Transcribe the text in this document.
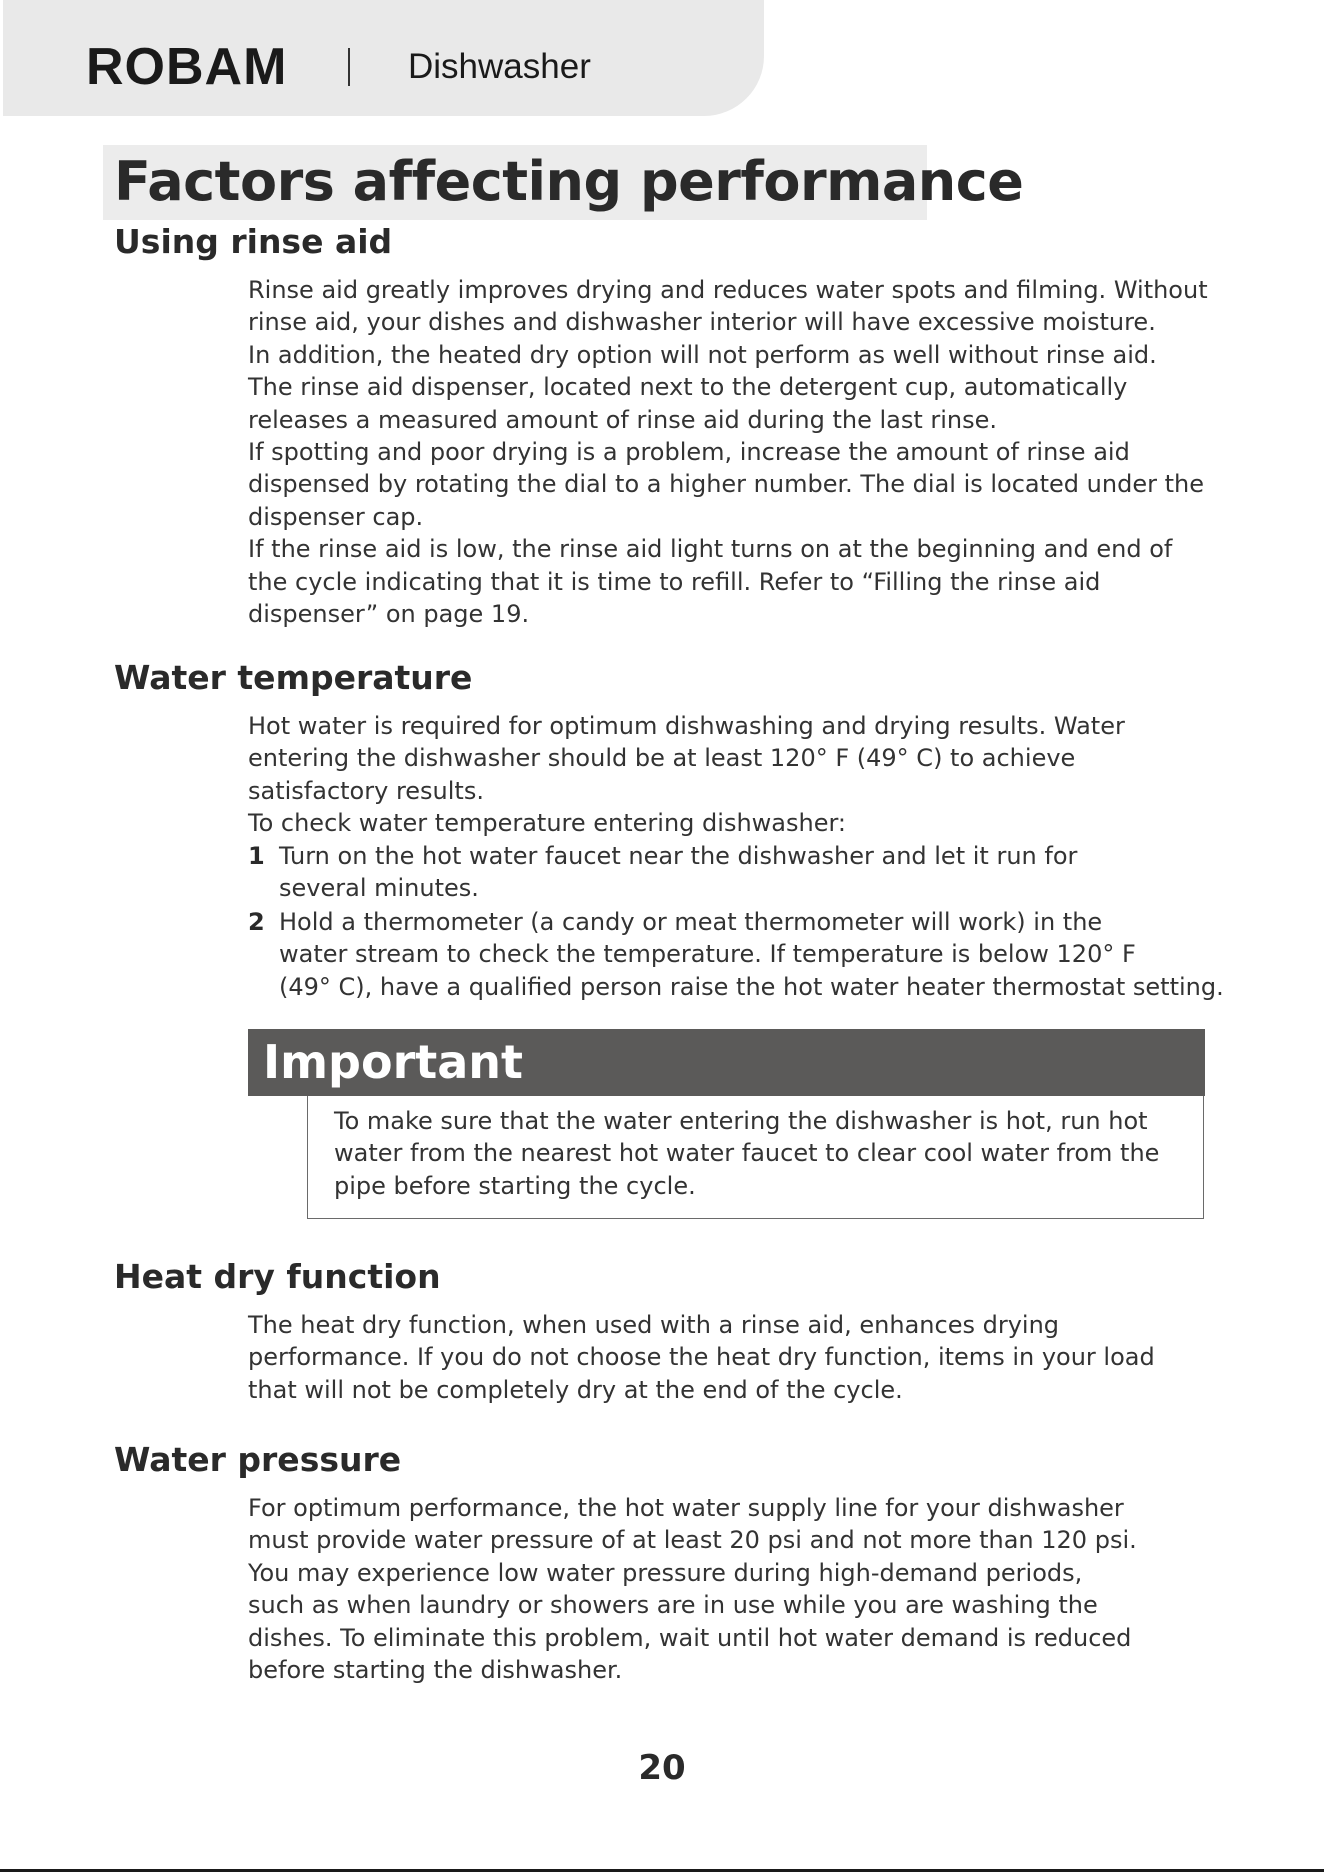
ROBAM	Dishwasher
Factors affecting performance
Using rinse aid
Rinse aid greatly improves drying and reduces water spots and filming. Without
rinse aid, your dishes and dishwasher interior will have excessive moisture.
In addition, the heated dry option will not perform as well without rinse aid.
The rinse aid dispenser, located next to the detergent cup, automatically
releases a measured amount of rinse aid during the last rinse.
If spotting and poor drying is a problem, increase the amount of rinse aid
dispensed by rotating the dial to a higher number. The dial is located under the
dispenser cap.
If the rinse aid is low, the rinse aid light turns on at the beginning and end of
the cycle indicating that it is time to refill. Refer to “Filling the rinse aid
dispenser” on page 19.
Water temperature
Hot water is required for optimum dishwashing and drying results. Water
entering the dishwasher should be at least 120° F (49° C) to achieve
satisfactory results.
To check water temperature entering dishwasher:
1 Turn on the hot water faucet near the dishwasher and let it run for
several minutes.
2 Hold a thermometer (a candy or meat thermometer will work) in the
water stream to check the temperature. If temperature is below 120° F
(49° C), have a qualified person raise the hot water heater thermostat setting.
Important
To make sure that the water entering the dishwasher is hot, run hot
water from the nearest hot water faucet to clear cool water from the
pipe before starting the cycle.
Heat dry function
The heat dry function, when used with a rinse aid, enhances drying
performance. If you do not choose the heat dry function, items in your load
that will not be completely dry at the end of the cycle.
Water pressure
For optimum performance, the hot water supply line for your dishwasher
must provide water pressure of at least 20 psi and not more than 120 psi.
You may experience low water pressure during high-demand periods,
such as when laundry or showers are in use while you are washing the
dishes. To eliminate this problem, wait until hot water demand is reduced
before starting the dishwasher.
20
